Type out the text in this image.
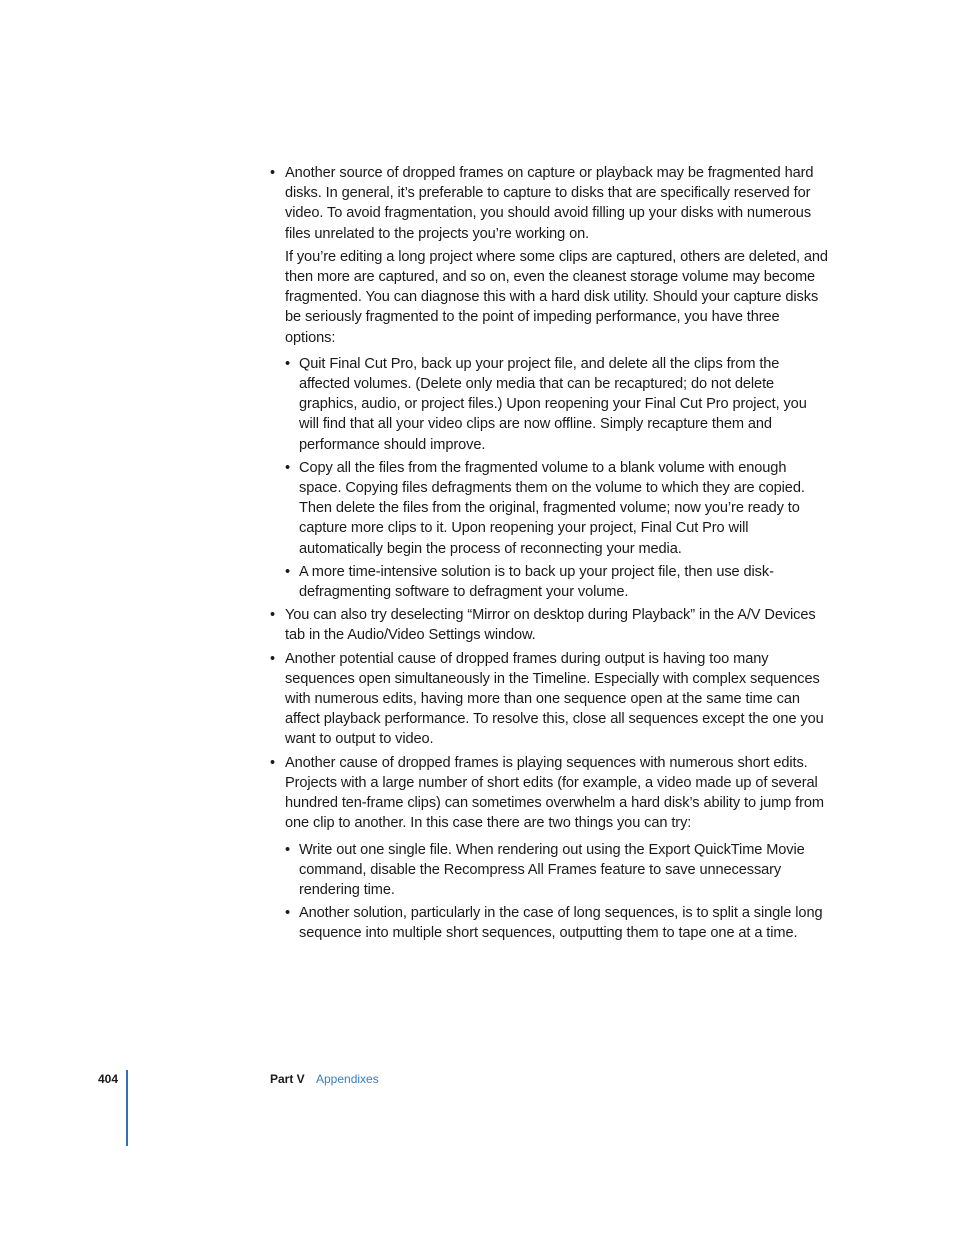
• Another source of dropped frames on capture or playback may be fragmented hard disks. In general, it’s preferable to capture to disks that are specifically reserved for video. To avoid fragmentation, you should avoid filling up your disks with numerous files unrelated to the projects you’re working on.

If you’re editing a long project where some clips are captured, others are deleted, and then more are captured, and so on, even the cleanest storage volume may become fragmented. You can diagnose this with a hard disk utility. Should your capture disks be seriously fragmented to the point of impeding performance, you have three options:

• Quit Final Cut Pro, back up your project file, and delete all the clips from the affected volumes. (Delete only media that can be recaptured; do not delete graphics, audio, or project files.) Upon reopening your Final Cut Pro project, you will find that all your video clips are now offline. Simply recapture them and performance should improve.

• Copy all the files from the fragmented volume to a blank volume with enough space. Copying files defragments them on the volume to which they are copied. Then delete the files from the original, fragmented volume; now you’re ready to capture more clips to it. Upon reopening your project, Final Cut Pro will automatically begin the process of reconnecting your media.

• A more time-intensive solution is to back up your project file, then use disk-defragmenting software to defragment your volume.

• You can also try deselecting “Mirror on desktop during Playback” in the A/V Devices tab in the Audio/Video Settings window.

• Another potential cause of dropped frames during output is having too many sequences open simultaneously in the Timeline. Especially with complex sequences with numerous edits, having more than one sequence open at the same time can affect playback performance. To resolve this, close all sequences except the one you want to output to video.

• Another cause of dropped frames is playing sequences with numerous short edits. Projects with a large number of short edits (for example, a video made up of several hundred ten-frame clips) can sometimes overwhelm a hard disk’s ability to jump from one clip to another. In this case there are two things you can try:

• Write out one single file. When rendering out using the Export QuickTime Movie command, disable the Recompress All Frames feature to save unnecessary rendering time.

• Another solution, particularly in the case of long sequences, is to split a single long sequence into multiple short sequences, outputting them to tape one at a time.

404	Part V Appendixes
